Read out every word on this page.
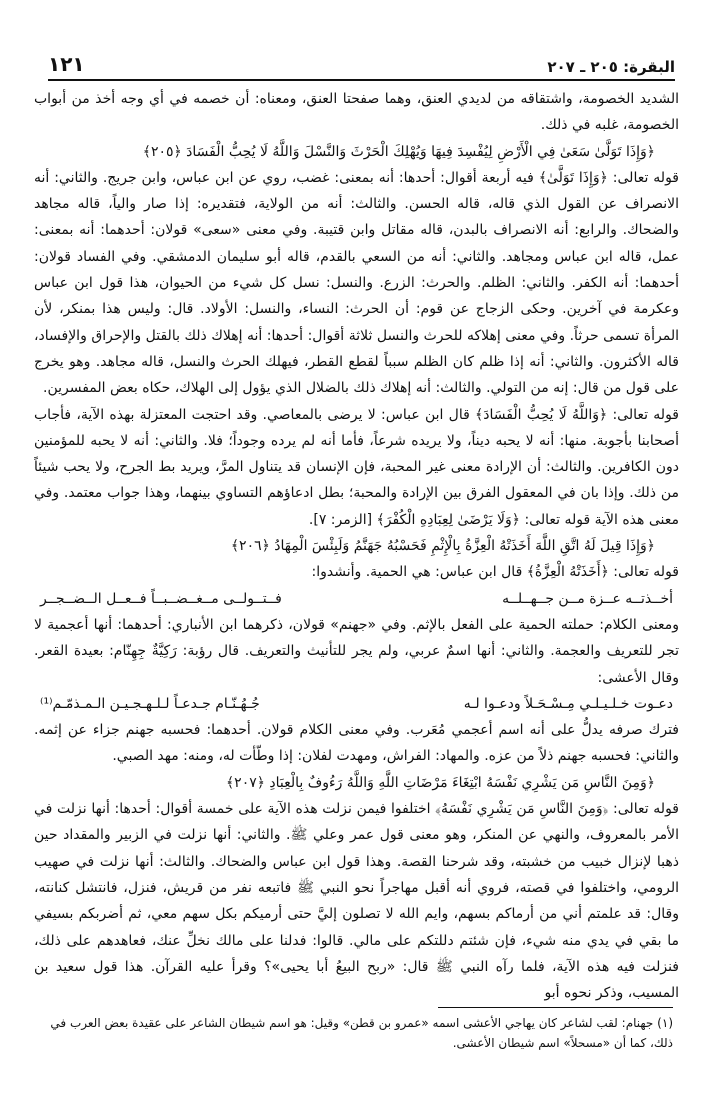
البقرة: ٢٠٥ ـ ٢٠٧
١٢١

الشديد الخصومة، واشتقاقه من لديدي العنق، وهما صفحتا العنق، ومعناه: أن خصمه في أي وجه أخذ من أبواب الخصومة، غلبه في ذلك.

﴿وَإِذَا تَوَلَّىٰ سَعَىٰ فِي الْأَرْضِ لِيُفْسِدَ فِيهَا وَيُهْلِكَ الْحَرْثَ وَالنَّسْلَ وَاللَّهُ لَا يُحِبُّ الْفَسَادَ ﴿٢٠٥﴾

قوله تعالى: ﴿وَإِذَا تَوَلَّىٰ﴾ فيه أربعة أقوال: أحدها: أنه بمعنى: غضب، روي عن ابن عباس، وابن جريج. والثاني: أنه الانصراف عن القول الذي قاله، قاله الحسن. والثالث: أنه من الولاية، فتقديره: إذا صار والياً، قاله مجاهد والضحاك. والرابع: أنه الانصراف بالبدن، قاله مقاتل وابن قتيبة. وفي معنى «سعى» قولان: أحدهما: أنه بمعنى: عمل، قاله ابن عباس ومجاهد. والثاني: أنه من السعي بالقدم، قاله أبو سليمان الدمشقي. وفي الفساد قولان: أحدهما: أنه الكفر. والثاني: الظلم. والحرث: الزرع. والنسل: نسل كل شيء من الحيوان، هذا قول ابن عباس وعكرمة في آخرين. وحكى الزجاج عن قوم: أن الحرث: النساء، والنسل: الأولاد. قال: وليس هذا بمنكر، لأن المرأة تسمى حرثاً. وفي معنى إهلاكه للحرث والنسل ثلاثة أقوال: أحدها: أنه إهلاك ذلك بالقتل والإحراق والإفساد، قاله الأكثرون. والثاني: أنه إذا ظلم كان الظلم سبباً لقطع القطر، فيهلك الحرث والنسل، قاله مجاهد. وهو يخرج على قول من قال: إنه من التولي. والثالث: أنه إهلاك ذلك بالضلال الذي يؤول إلى الهلاك، حكاه بعض المفسرين.

قوله تعالى: ﴿وَاللَّهُ لَا يُحِبُّ الْفَسَادَ﴾ قال ابن عباس: لا يرضى بالمعاصي. وقد احتجت المعتزلة بهذه الآية، فأجاب أصحابنا بأجوبة. منها: أنه لا يحبه ديناً، ولا يريده شرعاً، فأما أنه لم يرده وجوداً؛ فلا. والثاني: أنه لا يحبه للمؤمنين دون الكافرين. والثالث: أن الإرادة معنى غير المحبة، فإن الإنسان قد يتناول المرَّ، ويريد بط الجرح، ولا يحب شيئاً من ذلك. وإذا بان في المعقول الفرق بين الإرادة والمحبة؛ بطل ادعاؤهم التساوي بينهما، وهذا جواب معتمد. وفي معنى هذه الآية قوله تعالى: ﴿وَلَا يَرْضَىٰ لِعِبَادِهِ الْكُفْرَ﴾ [الزمر: ٧].

﴿وَإِذَا قِيلَ لَهُ اتَّقِ اللَّهَ أَخَذَتْهُ الْعِزَّةُ بِالْإِثْمِ فَحَسْبُهُ جَهَنَّمُ وَلَبِئْسَ الْمِهَادُ ﴿٢٠٦﴾

قوله تعالى: ﴿أَخَذَتْهُ الْعِزَّةُ﴾ قال ابن عباس: هي الحمية. وأنشدوا:

أخــذتــه عــزة مــن جــهــلــه
فــتــولــى مــغــضــبــاً فــعــل الــضــجــر

ومعنى الكلام: حملته الحمية على الفعل بالإثم. وفي «جهنم» قولان، ذكرهما ابن الأنباري: أحدهما: أنها أعجمية لا تجر للتعريف والعجمة. والثاني: أنها اسمٌ عربي، ولم يجر للتأنيث والتعريف. قال رؤبة: رَكِيَّةٌ جِهِنّام: بعيدة القعر. وقال الأعشى:

دعـوت خـلـيـلـي مِـسْـحَـلاً ودعـوا لـه
جُـهُـنّـام جـدعـاً لـلـهـجـيـن الـمـذمّـم⁽¹⁾

فترك صرفه يدلُّ على أنه اسم أعجمي مُعَرب. وفي معنى الكلام قولان. أحدهما: فحسبه جهنم جزاء عن إثمه. والثاني: فحسبه جهنم ذلاً من عزه. والمهاد: الفراش، ومهدت لفلان: إذا وطّأت له، ومنه: مهد الصبي.

﴿وَمِنَ النَّاسِ مَن يَشْرِي نَفْسَهُ ابْتِغَاءَ مَرْضَاتِ اللَّهِ وَاللَّهُ رَءُوفٌ بِالْعِبَادِ ﴿٢٠٧﴾

قوله تعالى: ﴿وَمِنَ النَّاسِ مَن يَشْرِي نَفْسَهُ﴾ اختلفوا فيمن نزلت هذه الآية على خمسة أقوال: أحدها: أنها نزلت في الأمر بالمعروف، والنهي عن المنكر، وهو معنى قول عمر وعلي ﷺ. والثاني: أنها نزلت في الزبير والمقداد حين ذهبا لإنزال خبيب من خشبته، وقد شرحنا القصة. وهذا قول ابن عباس والضحاك. والثالث: أنها نزلت في صهيب الرومي، واختلفوا في قصته، فروي أنه أقبل مهاجراً نحو النبي ﷺ فاتبعه نفر من قريش، فنزل، فانتشل كنانته، وقال: قد علمتم أني من أرماكم بسهم، وايم الله لا تصلون إليَّ حتى أرميكم بكل سهم معي، ثم أضربكم بسيفي ما بقي في يدي منه شيء، فإن شئتم دللتكم على مالي. قالوا: فدلنا على مالك نخلِّ عنك، فعاهدهم على ذلك، فنزلت فيه هذه الآية، فلما رآه النبي ﷺ قال: «ربح البيعُ أبا يحيى»؟ وقرأ عليه القرآن. هذا قول سعيد بن المسيب، وذكر نحوه أبو

(١) جهنام: لقب لشاعر كان يهاجي الأعشى اسمه «عمرو بن قطن» وقيل: هو اسم شيطان الشاعر على عقيدة بعض العرب في ذلك، كما أن «مسحلاً» اسم شيطان الأعشى.
